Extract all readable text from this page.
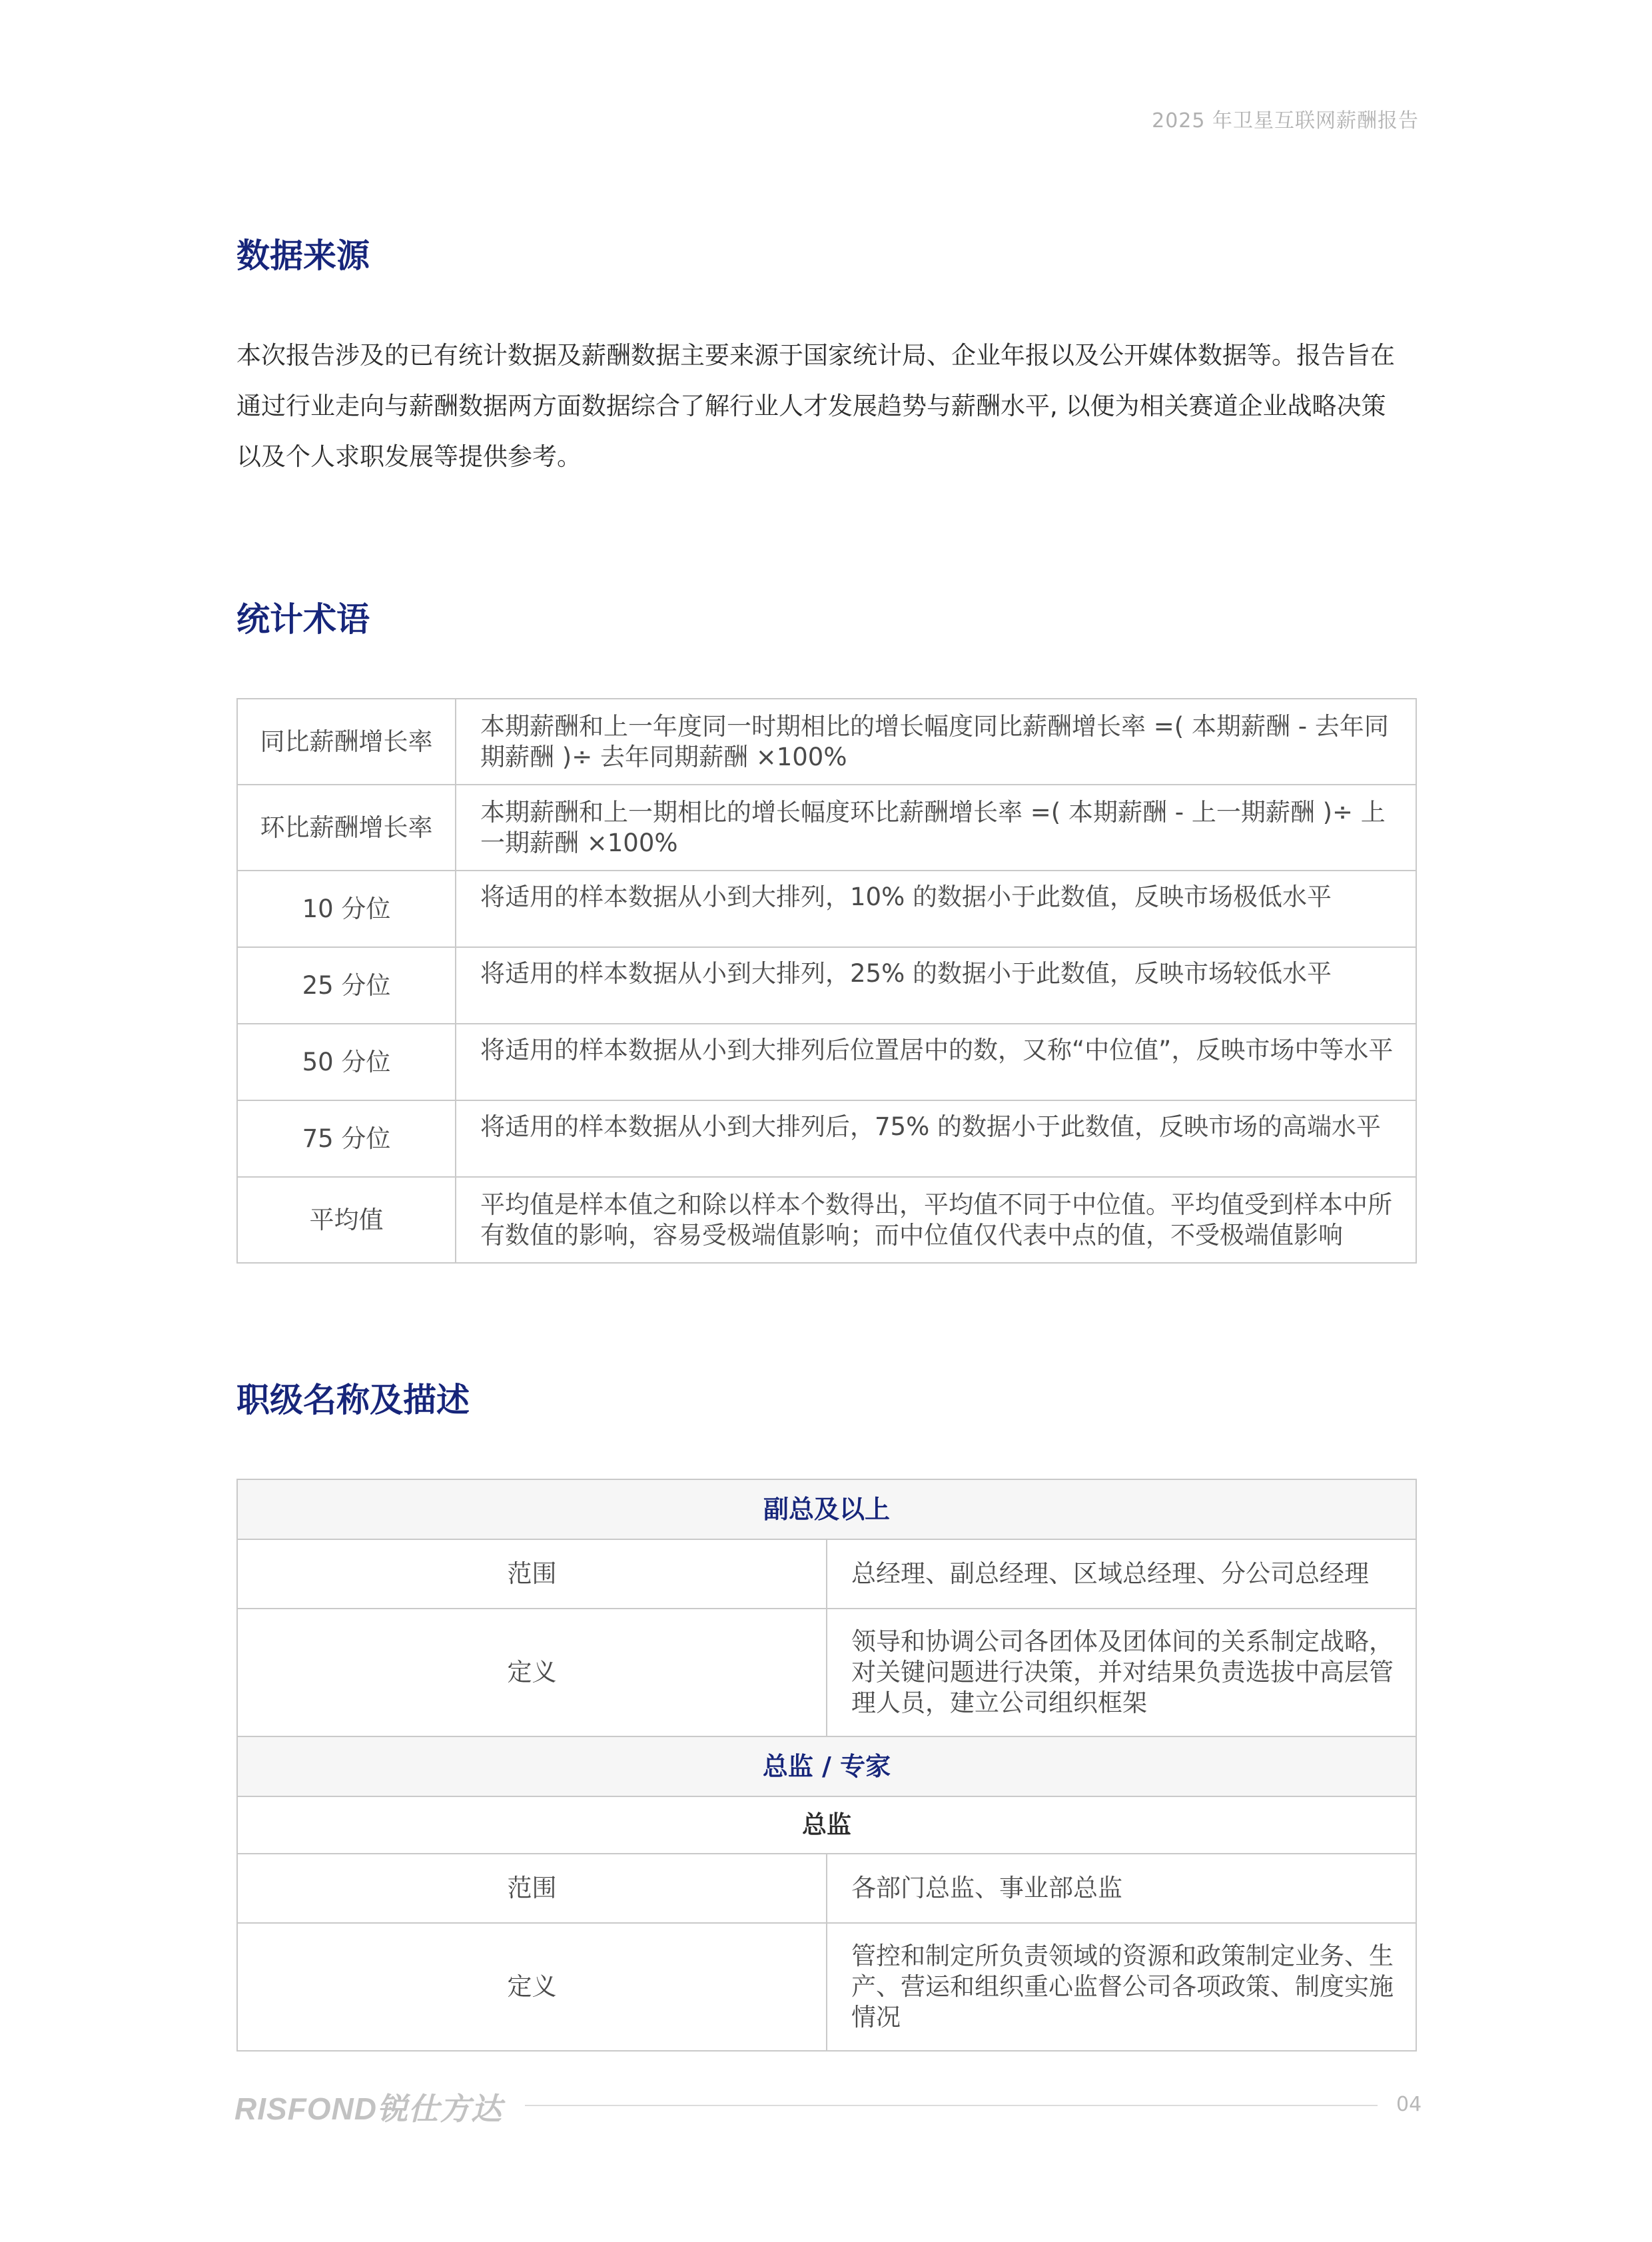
2025 年卫星互联网薪酬报告
数据来源

本次报告涉及的已有统计数据及薪酬数据主要来源于国家统计局、企业年报以及公开媒体数据等。报告旨在
通过行业走向与薪酬数据两方面数据综合了解行业人才发展趋势与薪酬水平, 以便为相关赛道企业战略决策
以及个人求职发展等提供参考。

统计术语
同比薪酬增长率	本期薪酬和上一年度同一时期相比的增长幅度同比薪酬增长率 =( 本期薪酬 - 去年同期薪酬 )÷ 去年同期薪酬 ×100%
环比薪酬增长率	本期薪酬和上一期相比的增长幅度环比薪酬增长率 =( 本期薪酬 - 上一期薪酬 )÷ 上一期薪酬 ×100%
10 分位	将适用的样本数据从小到大排列，10% 的数据小于此数值，反映市场极低水平
25 分位	将适用的样本数据从小到大排列，25% 的数据小于此数值，反映市场较低水平
50 分位	将适用的样本数据从小到大排列后位置居中的数，又称“中位值”，反映市场中等水平
75 分位	将适用的样本数据从小到大排列后，75% 的数据小于此数值，反映市场的高端水平
平均值	平均值是样本值之和除以样本个数得出，平均值不同于中位值。平均值受到样本中所有数值的影响，容易受极端值影响；而中位值仅代表中点的值，不受极端值影响
职级名称及描述
副总及以上	
范围	总经理、副总经理、区域总经理、分公司总经理
定义	领导和协调公司各团体及团体间的关系制定战略，对关键问题进行决策，并对结果负责选拔中高层管理人员，建立公司组织框架
总监 / 专家	
总监	
范围	各部门总监、事业部总监
定义	管控和制定所负责领域的资源和政策制定业务、生产、营运和组织重心监督公司各项政策、制度实施情况
RISFOND锐仕方达	04
